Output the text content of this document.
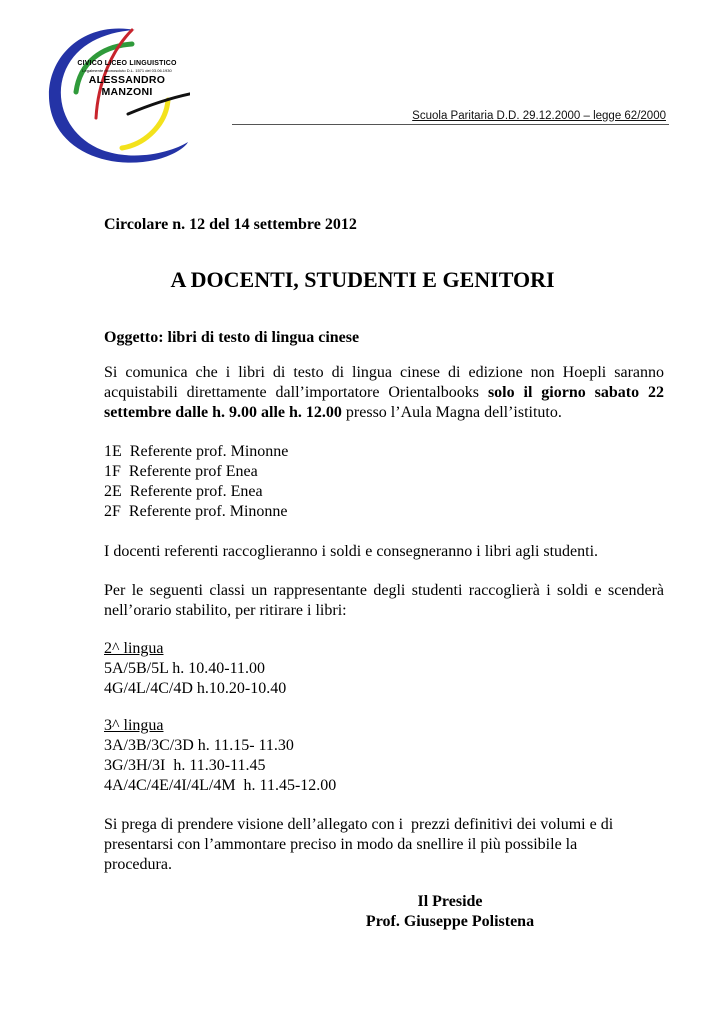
CIVICO LICEO LINGUISTICO
Legalmente riconosciuto D.L. 1571 del 03.06.1930
ALESSANDRO
MANZONI
Scuola Paritaria D.D. 29.12.2000 – legge 62/2000

Circolare n. 12 del 14 settembre 2012

A DOCENTI, STUDENTI E GENITORI

Oggetto: libri di testo di lingua cinese

Si comunica che i libri di testo di lingua cinese di edizione non Hoepli saranno acquistabili direttamente dall’importatore Orientalbooks solo il giorno sabato 22 settembre dalle h. 9.00 alle h. 12.00 presso l’Aula Magna dell’istituto.

1E  Referente prof. Minonne
1F  Referente prof Enea
2E  Referente prof. Enea
2F  Referente prof. Minonne

I docenti referenti raccoglieranno i soldi e consegneranno i libri agli studenti.

Per le seguenti classi un rappresentante degli studenti raccoglierà i soldi e scenderà nell’orario stabilito, per ritirare i libri:

2^ lingua
5A/5B/5L h. 10.40-11.00
4G/4L/4C/4D h.10.20-10.40
3^ lingua
3A/3B/3C/3D h. 11.15- 11.30
3G/3H/3I  h. 11.30-11.45
4A/4C/4E/4I/4L/4M  h. 11.45-12.00
Si prega di prendere visione dell’allegato con i  prezzi definitivi dei volumi e di
presentarsi con l’ammontare preciso in modo da snellire il più possibile la
procedura.
Il Preside
Prof. Giuseppe Polistena
